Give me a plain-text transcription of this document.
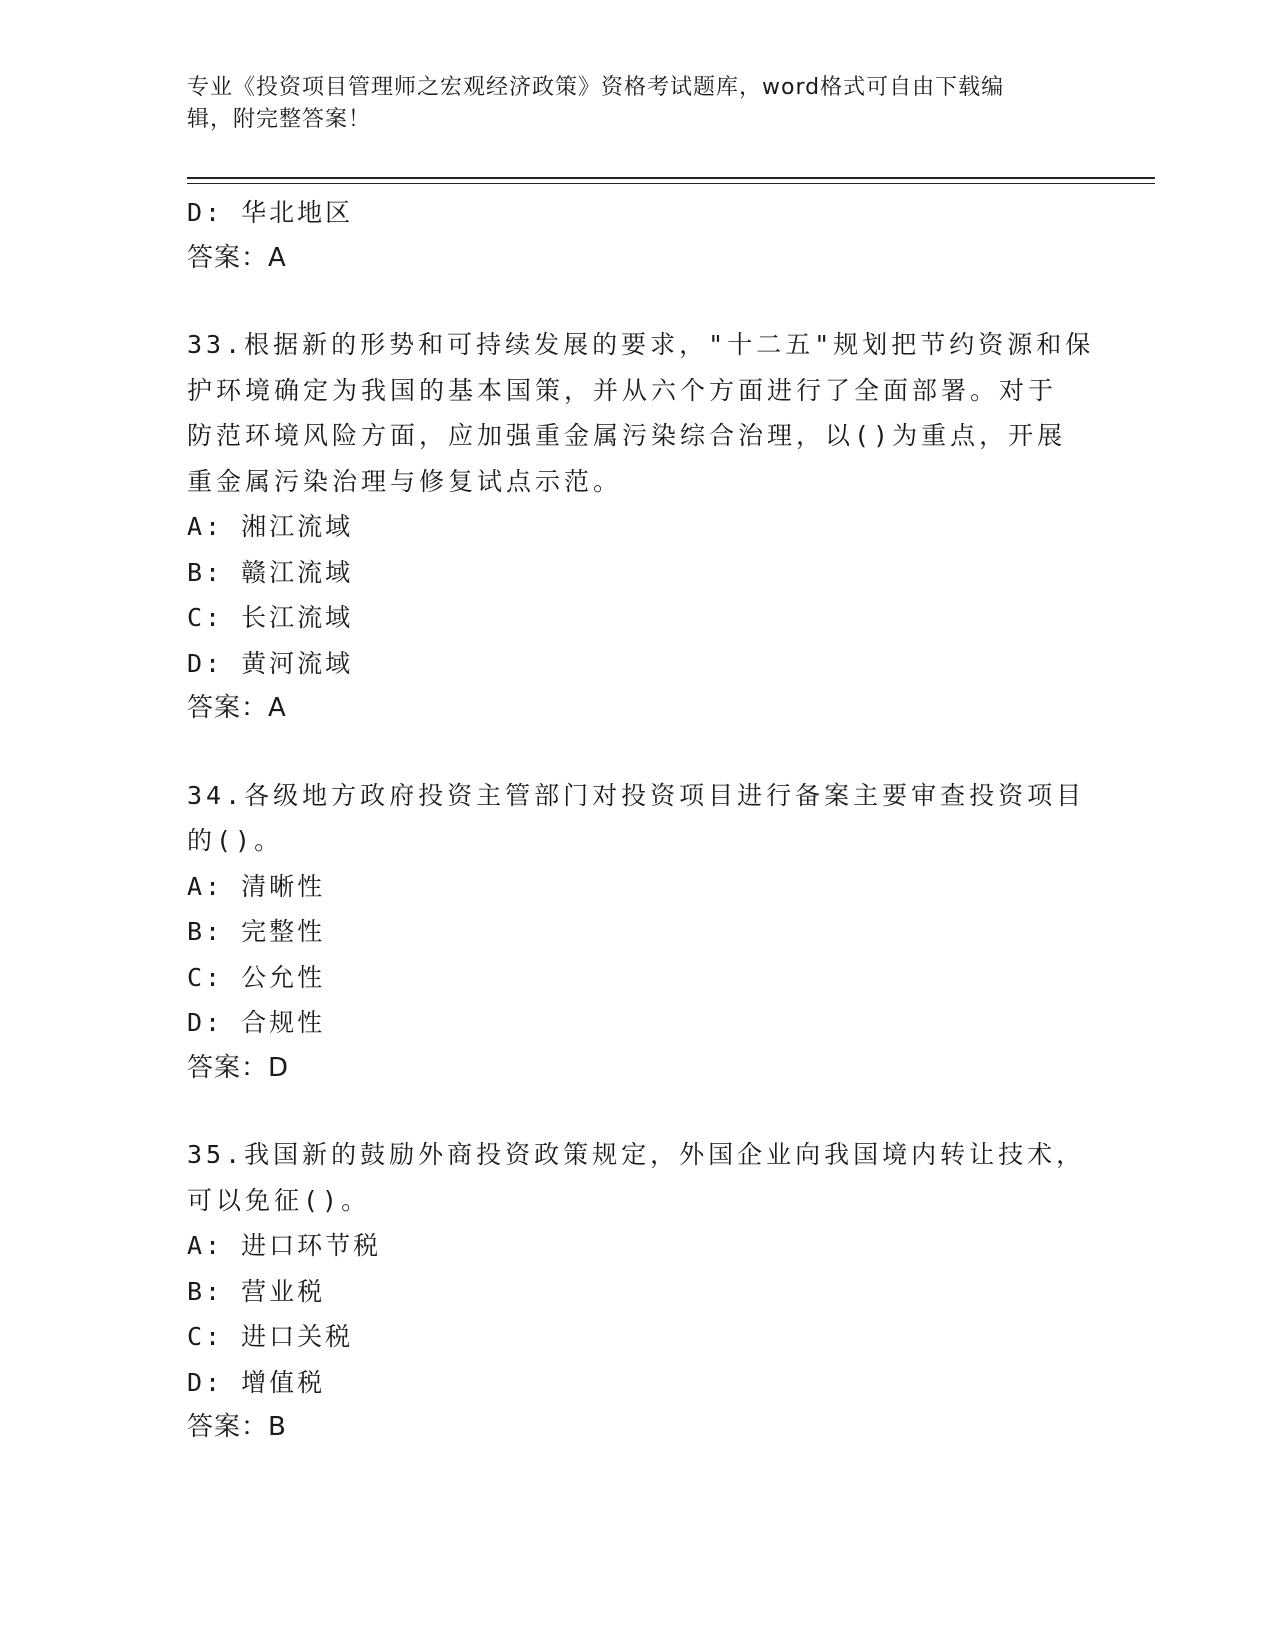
专业《投资项目管理师之宏观经济政策》资格考试题库，word格式可自由下载编
辑，附完整答案！
D: 华北地区
答案：A
33.根据新的形势和可持续发展的要求，"十二五"规划把节约资源和保
护环境确定为我国的基本国策，并从六个方面进行了全面部署。对于
防范环境风险方面，应加强重金属污染综合治理，以()为重点，开展
重金属污染治理与修复试点示范。
A: 湘江流域
B: 赣江流域
C: 长江流域
D: 黄河流域
答案：A
34.各级地方政府投资主管部门对投资项目进行备案主要审查投资项目
的()。
A: 清晰性
B: 完整性
C: 公允性
D: 合规性
答案：D
35.我国新的鼓励外商投资政策规定，外国企业向我国境内转让技术，
可以免征()。
A: 进口环节税
B: 营业税
C: 进口关税
D: 增值税
答案：B
